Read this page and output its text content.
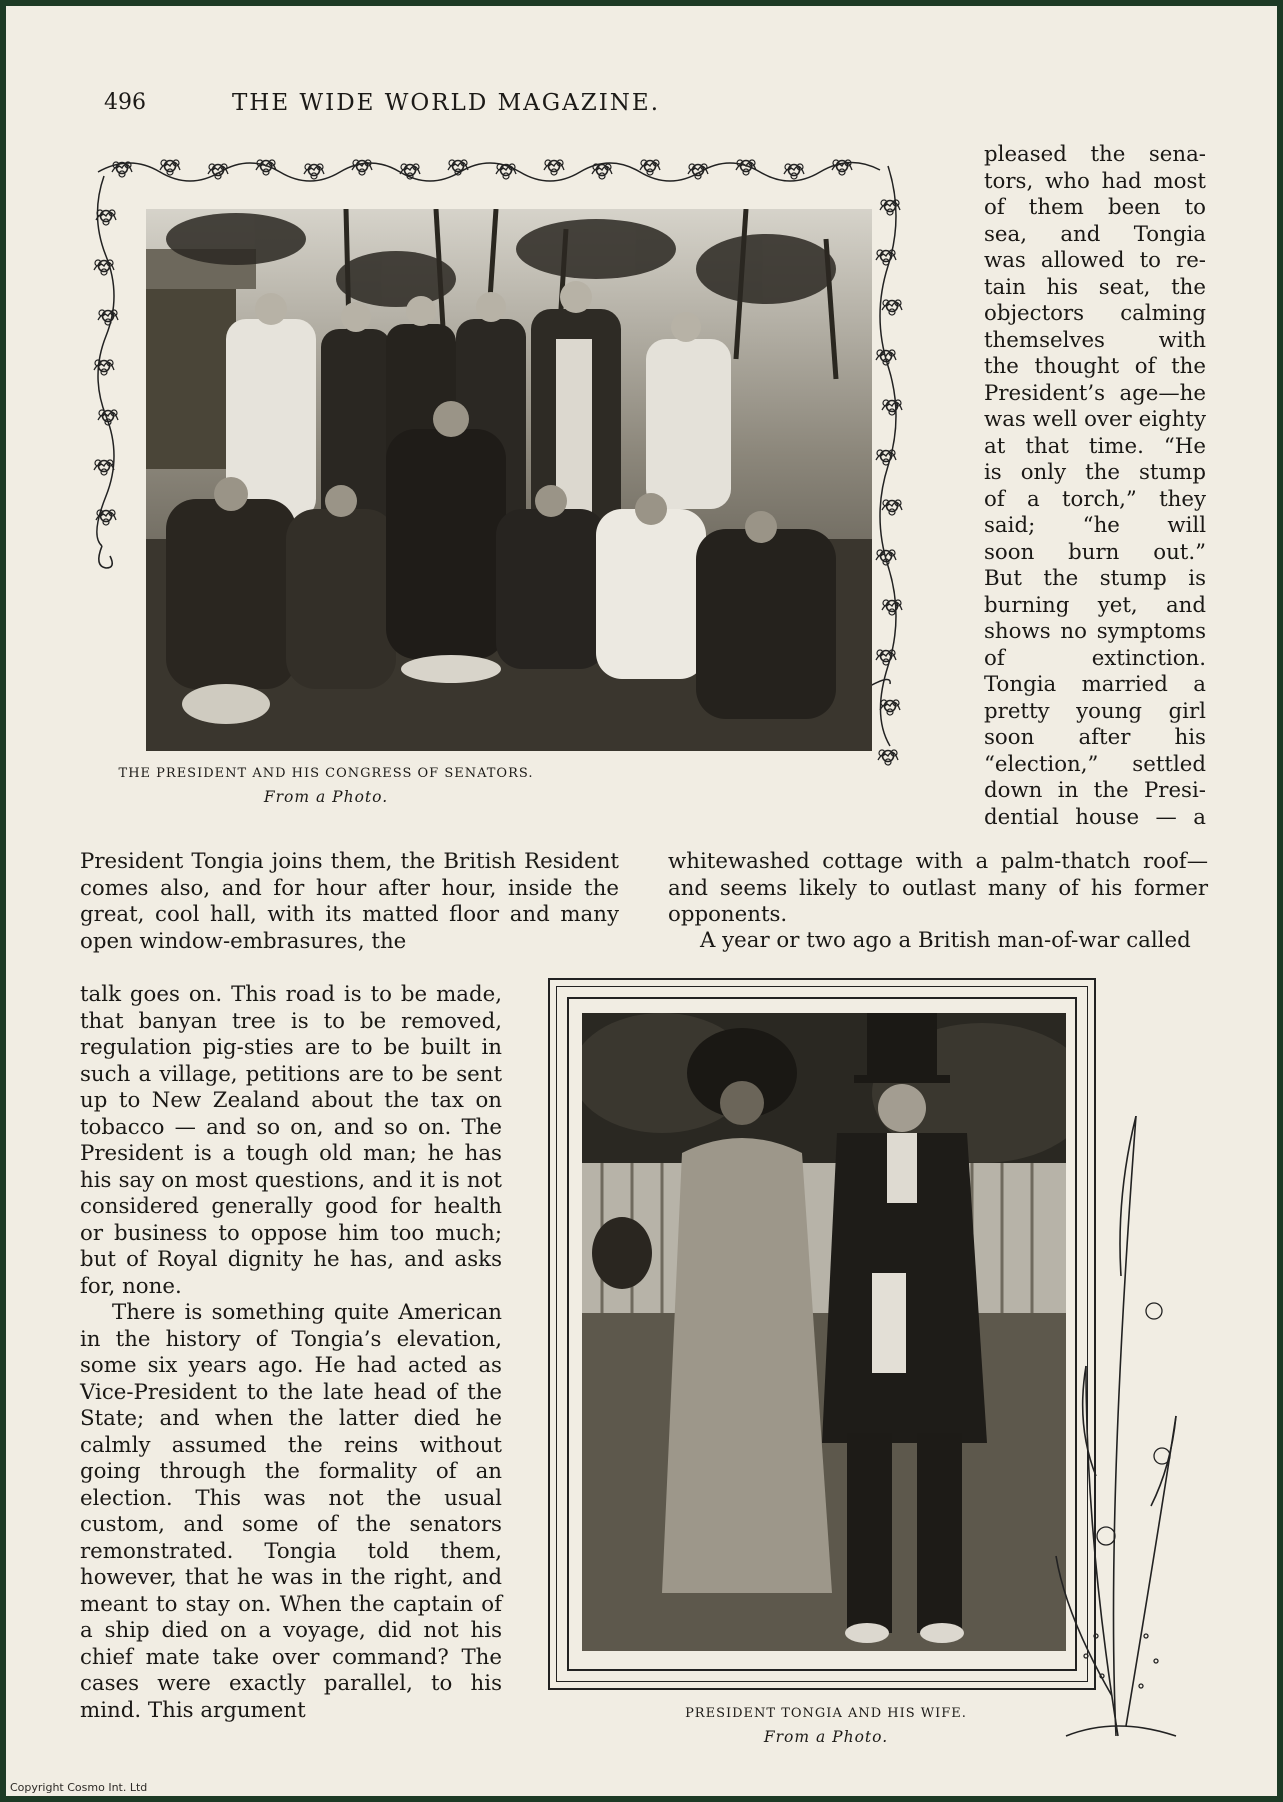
496	THE WIDE WORLD MAGAZINE.
THE PRESIDENT AND HIS CONGRESS OF SENATORS.
From a Photo.
pleased the sena-
tors, who had most
of them been to
sea, and Tongia
was allowed to re-
tain his seat, the
objectors calming
themselves with
the thought of the
President’s age—he
was well over eighty
at that time. “He
is only the stump
of a torch,” they
said; “he will
soon burn out.”
But the stump is
burning yet, and
shows no symptoms
of extinction.
Tongia married a
pretty young girl
soon after his
“election,” settled
down in the Presi-
dential house — a
President Tongia joins them, the British Resident comes also, and for hour after hour, inside the great, cool hall, with its matted floor and many open window-embrasures, the
whitewashed cottage with a palm-thatch roof—and seems likely to outlast many of his former opponents.
A year or two ago a British man-of-war called

talk goes on. This road is to be made, that banyan tree is to be removed, regulation pig-sties are to be built in such a village, petitions are to be sent up to New Zealand about the tax on tobacco — and so on, and so on. The President is a tough old man; he has his say on most questions, and it is not considered generally good for health or business to oppose him too much; but of Royal dignity he has, and asks for, none.

There is something quite American in the history of Tongia’s elevation, some six years ago. He had acted as Vice-President to the late head of the State; and when the latter died he calmly assumed the reins without going through the formality of an election. This was not the usual custom, and some of the senators remonstrated. Tongia told them, however, that he was in the right, and meant to stay on. When the captain of a ship died on a voyage, did not his chief mate take over command? The cases were exactly parallel, to his mind. This argument	PRESIDENT TONGIA AND HIS WIFE.
From a Photo.
Copyright Cosmo Int. Ltd
